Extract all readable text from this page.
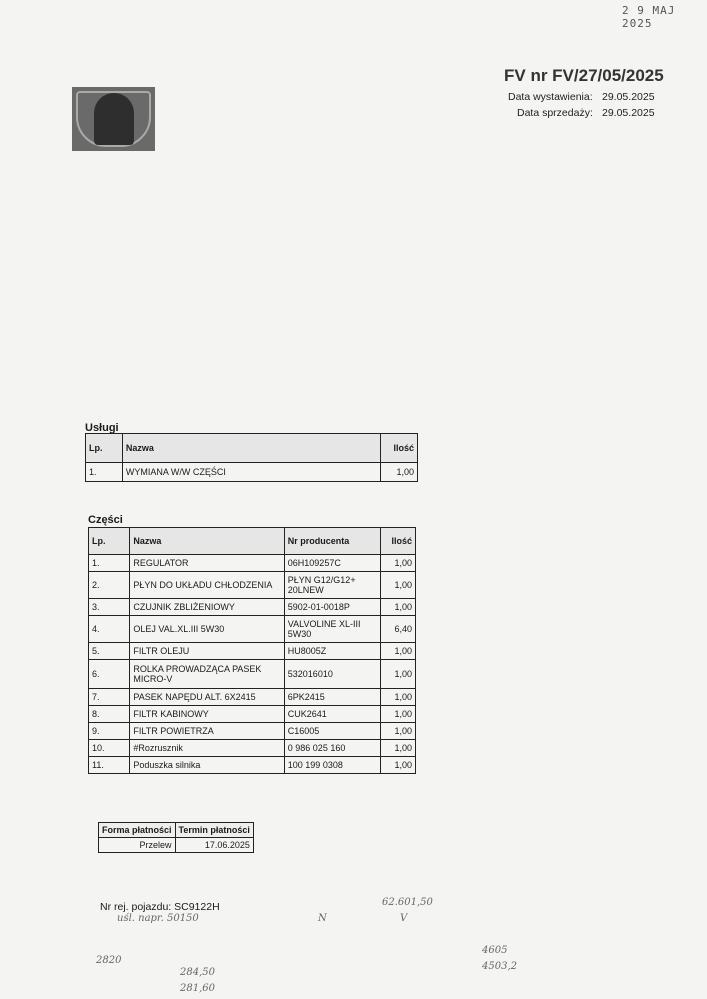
2 9 MAJ 2025
FV nr FV/27/05/2025
Data wystawienia: 29.05.2025
Data sprzedaży: 29.05.2025
Usługi
Lp.	Nazwa	Ilość
1.	WYMIANA W/W CZĘŚCI	1,00
Części
Lp.	Nazwa	Nr producenta	Ilość
1.	REGULATOR	06H109257C	1,00
2.	PŁYN DO UKŁADU CHŁODZENIA	PŁYN G12/G12+ 20LNEW	1,00
3.	CZUJNIK ZBLIŻENIOWY	5902-01-0018P	1,00
4.	OLEJ VAL.XL.III 5W30	VALVOLINE XL-III 5W30	6,40
5.	FILTR OLEJU	HU8005Z	1,00
6.	ROLKA PROWADZĄCA PASEK MICRO-V	532016010	1,00
7.	PASEK NAPĘDU ALT. 6X2415	6PK2415	1,00
8.	FILTR KABINOWY	CUK2641	1,00
9.	FILTR POWIETRZA	C16005	1,00
10.	#Rozrusznik	0 986 025 160	1,00
11.	Poduszka silnika	100 199 0308	1,00
Forma płatności	Termin płatności
Przelew	17.06.2025
Nr rej. pojazdu: SC9122H	62.601,50
uśl. napr. 50150	N	V
4605
4503,2
2820
284,50
281,60
